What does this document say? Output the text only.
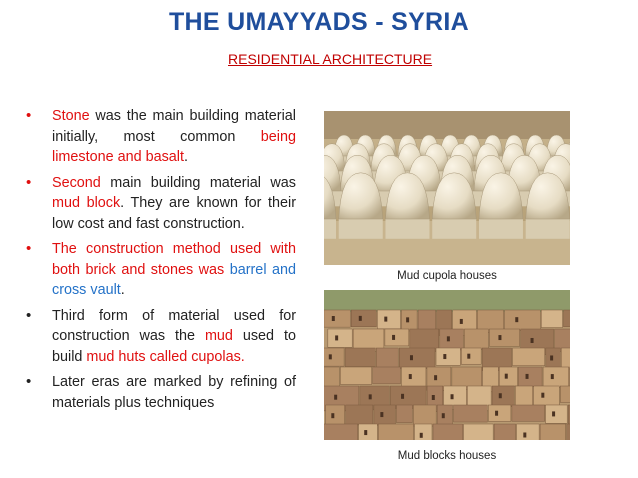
THE UMAYYADS - SYRIA
RESIDENTIAL ARCHITECTURE
• Stone was the main building material initially, most common being limestone and basalt.
• Second main building material was mud block. They are known for their low cost and fast construction.
• The construction method used with both brick and stones was barrel and cross vault.
• Third form of material used for construction was the mud used to build mud huts called cupolas.
• Later eras are marked by refining of materials plus techniques
Mud cupola houses
Mud blocks houses
